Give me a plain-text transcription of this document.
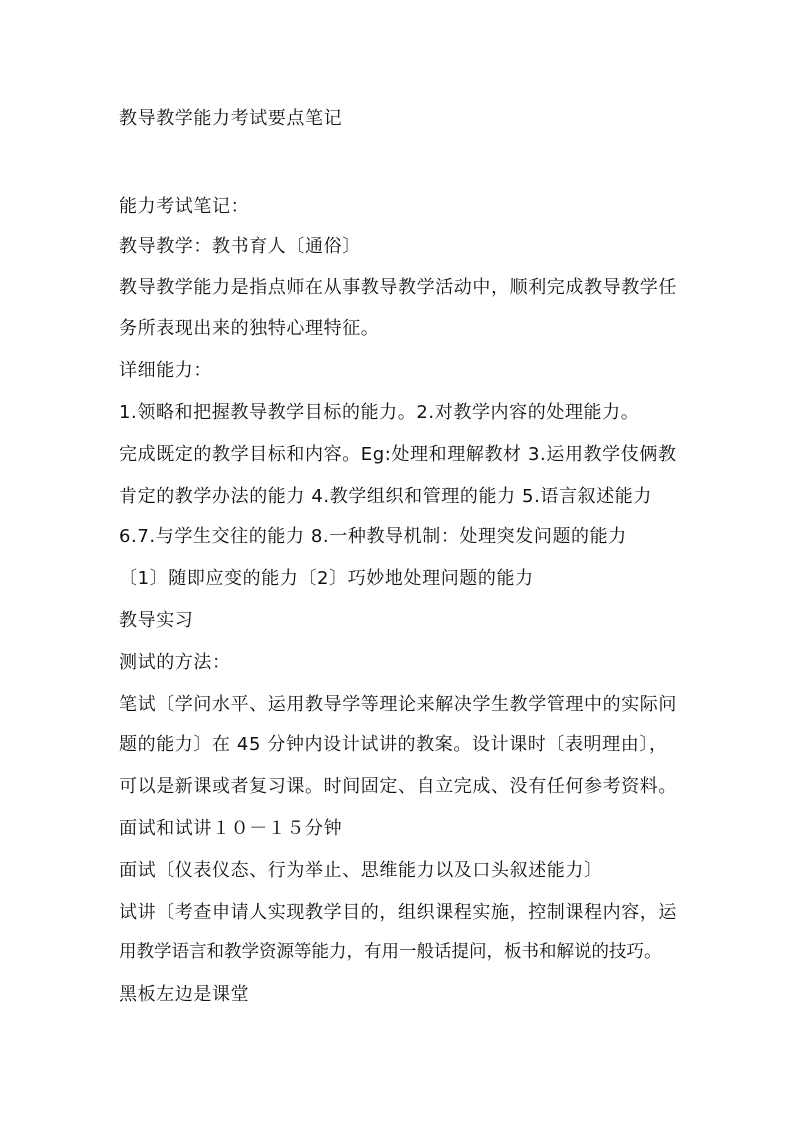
教导教学能力考试要点笔记
能力考试笔记：
教导教学：教书育人〔通俗〕
教导教学能力是指点师在从事教导教学活动中，顺利完成教导教学任
务所表现出来的独特心理特征。
详细能力：
1.领略和把握教导教学目标的能力。2.对教学内容的处理能力。
完成既定的教学目标和内容。Eg:处理和理解教材 3.运用教学伎俩教
肯定的教学办法的能力 4.教学组织和管理的能力 5.语言叙述能力
6.7.与学生交往的能力 8.一种教导机制：处理突发问题的能力
〔1〕随即应变的能力〔2〕巧妙地处理问题的能力
教导实习
测试的方法：
笔试〔学问水平、运用教导学等理论来解决学生教学管理中的实际问
题的能力〕在 45 分钟内设计试讲的教案。设计课时〔表明理由〕，
可以是新课或者复习课。时间固定、自立完成、没有任何参考资料。
面试和试讲１０－１５分钟
面试〔仪表仪态、行为举止、思维能力以及口头叙述能力〕
试讲〔考查申请人实现教学目的，组织课程实施，控制课程内容，运
用教学语言和教学资源等能力，有用一般话提问，板书和解说的技巧。
黑板左边是课堂
